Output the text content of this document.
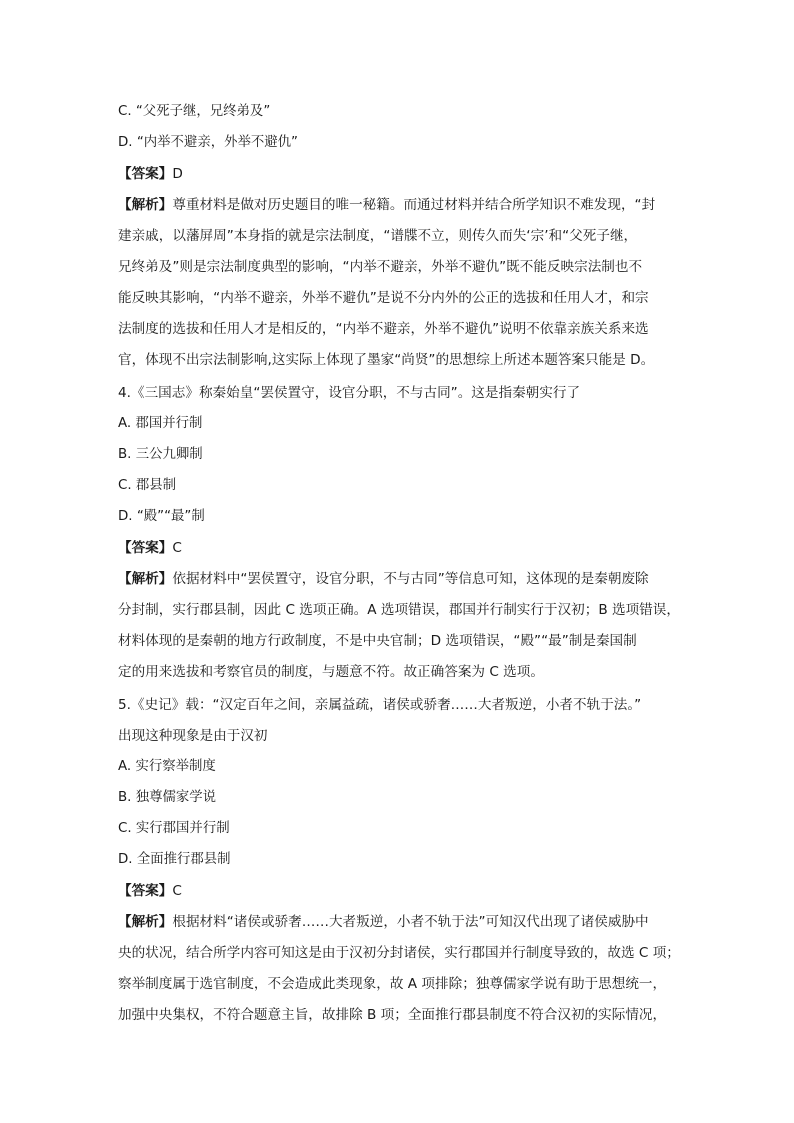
C. “父死子继，兄终弟及”
D. “内举不避亲，外举不避仇”
【答案】D
【解析】尊重材料是做对历史题目的唯一秘籍。而通过材料并结合所学知识不难发现，“封
建亲戚，以藩屏周”本身指的就是宗法制度，“谱牒不立，则传久而失‘宗’和“父死子继，
兄终弟及”则是宗法制度典型的影响，“内举不避亲，外举不避仇”既不能反映宗法制也不
能反映其影响，“内举不避亲，外举不避仇”是说不分内外的公正的选拔和任用人才，和宗
法制度的选拔和任用人才是相反的，“内举不避亲，外举不避仇”说明不依靠亲族关系来选
官，体现不出宗法制影响,这实际上体现了墨家“尚贤”的思想综上所述本题答案只能是 D。
4.《三国志》称秦始皇“罢侯置守，设官分职，不与古同”。这是指秦朝实行了
A. 郡国并行制
B. 三公九卿制
C. 郡县制
D. “殿”“最”制
【答案】C
【解析】依据材料中“罢侯置守，设官分职，不与古同”等信息可知，这体现的是秦朝废除
分封制，实行郡县制，因此 C 选项正确。A 选项错误，郡国并行制实行于汉初；B 选项错误，
材料体现的是秦朝的地方行政制度，不是中央官制；D 选项错误，“殿”“最”制是秦国制
定的用来选拔和考察官员的制度，与题意不符。故正确答案为 C 选项。
5.《史记》载：“汉定百年之间，亲属益疏，诸侯或骄奢……大者叛逆，小者不轨于法。”
出现这种现象是由于汉初
A. 实行察举制度
B. 独尊儒家学说
C. 实行郡国并行制
D. 全面推行郡县制
【答案】C
【解析】根据材料“诸侯或骄奢……大者叛逆，小者不轨于法”可知汉代出现了诸侯威胁中
央的状况，结合所学内容可知这是由于汉初分封诸侯，实行郡国并行制度导致的，故选 C 项；
察举制度属于选官制度，不会造成此类现象，故 A 项排除；独尊儒家学说有助于思想统一，
加强中央集权，不符合题意主旨，故排除 B 项；全面推行郡县制度不符合汉初的实际情况，
